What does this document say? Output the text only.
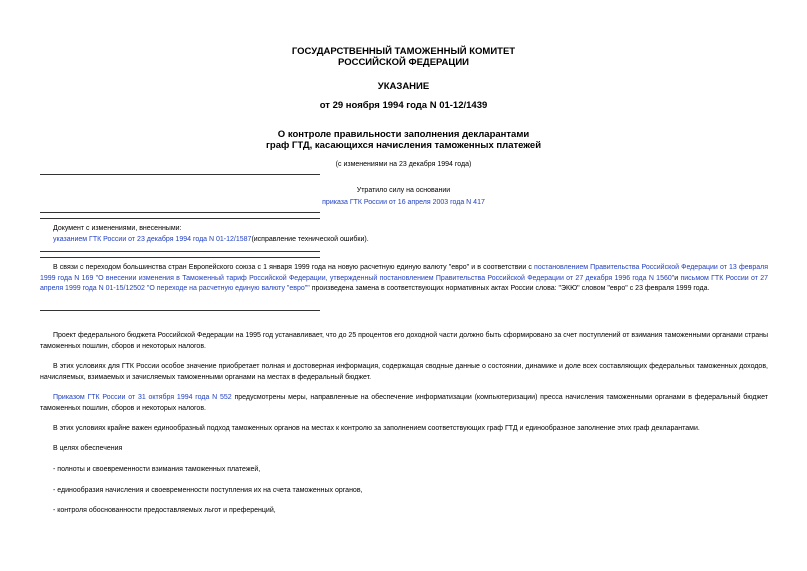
ГОСУДАРСТВЕННЫЙ ТАМОЖЕННЫЙ КОМИТЕТ
РОССИЙСКОЙ ФЕДЕРАЦИИ
УКАЗАНИЕ
от 29 ноября 1994 года N 01-12/1439
О контроле правильности заполнения декларантами
граф ГТД, касающихся начисления таможенных платежей
(с изменениями на 23 декабря 1994 года)
Утратило силу на основании
приказа ГТК России от 16 апреля 2003 года N 417
Документ с изменениями, внесенными:
указанием ГТК России от 23 декабря 1994 года N 01-12/1587(исправление технической ошибки).
В связи с переходом большинства стран Европейского союза с 1 января 1999 года на новую расчетную единую валюту "евро" и в соответствии с постановлением Правительства Российской Федерации от 13 февраля 1999 года N 169 "О внесении изменения в Таможенный тариф Российской Федерации, утвержденный постановлением Правительства Российской Федерации от 27 декабря 1996 года N 1560"и письмом ГТК России от 27 апреля 1999 года N 01-15/12502 "О переходе на расчетную единую валюту "евро"" произведена замена в соответствующих нормативных актах России слова: "ЭКЮ" словом "евро" с 23 февраля 1999 года.
Проект федерального бюджета Российской Федерации на 1995 год устанавливает, что до 25 процентов его доходной части должно быть сформировано за счет поступлений от взимания таможенными органами страны таможенных пошлин, сборов и некоторых налогов.
В этих условиях для ГТК России особое значение приобретает полная и достоверная информация, содержащая сводные данные о состоянии, динамике и доле всех составляющих федеральных таможенных доходов, начисляемых, взимаемых и зачисляемых таможенными органами на местах в федеральный бюджет.
Приказом ГТК России от 31 октября 1994 года N 552 предусмотрены меры, направленные на обеспечение информатизации (компьютеризации) пресса начисления таможенными органами в федеральный бюджет таможенных пошлин, сборов и некоторых налогов.
В этих условиях крайне важен единообразный подход таможенных органов на местах к контролю за заполнением соответствующих граф ГТД и единообразное заполнение этих граф декларантами.
В целях обеспечения
- полноты и своевременности взимания таможенных платежей,
- единообразия начисления и своевременности поступления их на счета таможенных органов,
- контроля обоснованности предоставляемых льгот и преференций,
